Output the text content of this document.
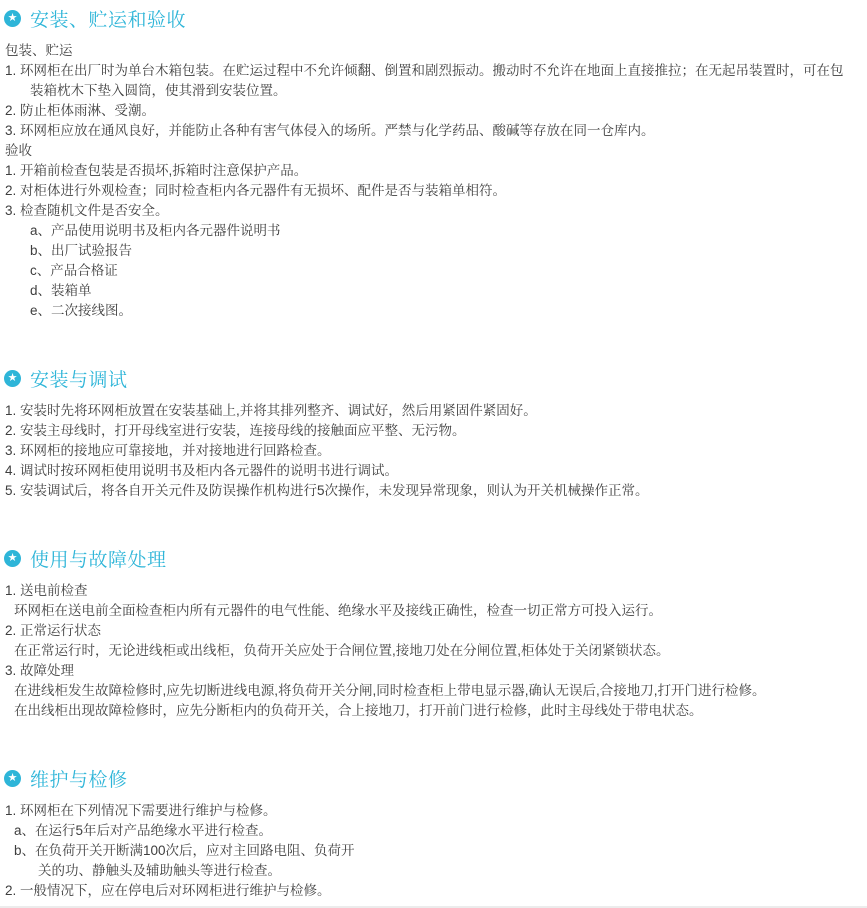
★ 安装、贮运和验收
包装、贮运
1. 环网柜在出厂时为单台木箱包装。在贮运过程中不允许倾翻、倒置和剧烈振动。搬动时不允许在地面上直接推拉；在无起吊装置时，可在包
装箱枕木下垫入圆筒，使其滑到安装位置。
2. 防止柜体雨淋、受潮。
3. 环网柜应放在通风良好，并能防止各种有害气体侵入的场所。严禁与化学药品、酸碱等存放在同一仓库内。
验收
1. 开箱前检查包装是否损坏,拆箱时注意保护产品。
2. 对柜体进行外观检查；同时检查柜内各元器件有无损坏、配件是否与装箱单相符。
3. 检查随机文件是否安全。
a、产品使用说明书及柜内各元器件说明书
b、出厂试验报告
c、产品合格证
d、装箱单
e、二次接线图。
★ 安装与调试
1. 安装时先将环网柜放置在安装基础上,并将其排列整齐、调试好，然后用紧固件紧固好。
2. 安装主母线时，打开母线室进行安装，连接母线的接触面应平整、无污物。
3. 环网柜的接地应可靠接地，并对接地进行回路检查。
4. 调试时按环网柜使用说明书及柜内各元器件的说明书进行调试。
5. 安装调试后，将各自开关元件及防误操作机构进行5次操作，未发现异常现象，则认为开关机械操作正常。
★ 使用与故障处理
1. 送电前检查
环网柜在送电前全面检查柜内所有元器件的电气性能、绝缘水平及接线正确性，检查一切正常方可投入运行。
2. 正常运行状态
在正常运行时，无论进线柜或出线柜，负荷开关应处于合闸位置,接地刀处在分闸位置,柜体处于关闭紧锁状态。
3. 故障处理
在进线柜发生故障检修时,应先切断进线电源,将负荷开关分闸,同时检查柜上带电显示器,确认无误后,合接地刀,打开门进行检修。
在出线柜出现故障检修时，应先分断柜内的负荷开关，合上接地刀，打开前门进行检修，此时主母线处于带电状态。
★ 维护与检修
1. 环网柜在下列情况下需要进行维护与检修。
a、在运行5年后对产品绝缘水平进行检查。
b、在负荷开关开断满100次后，应对主回路电阻、负荷开
关的功、静触头及辅助触头等进行检查。
2. 一般情况下，应在停电后对环网柜进行维护与检修。
